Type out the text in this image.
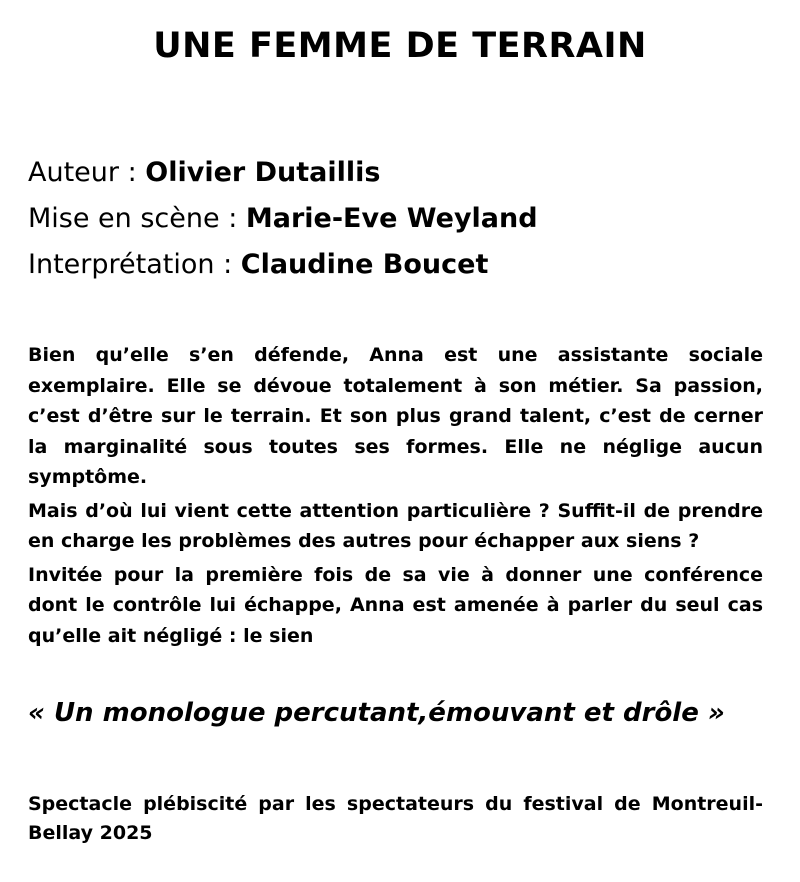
UNE FEMME DE TERRAIN
Auteur : Olivier Dutaillis
Mise en scène : Marie-Eve Weyland
Interprétation : Claudine Boucet

Bien qu’elle s’en défende, Anna est une assistante sociale exemplaire. Elle se dévoue totalement à son métier. Sa passion, c’est d’être sur le terrain. Et son plus grand talent, c’est de cerner la marginalité sous toutes ses formes. Elle ne néglige aucun symptôme.

Mais d’où lui vient cette attention particulière ? Suffit-il de prendre en charge les problèmes des autres pour échapper aux siens ?

Invitée pour la première fois de sa vie à donner une conférence dont le contrôle lui échappe, Anna est amenée à parler du seul cas qu’elle ait négligé : le sien

« Un monologue percutant,émouvant et drôle »
Spectacle plébiscité par les spectateurs du festival de Montreuil-Bellay 2025
